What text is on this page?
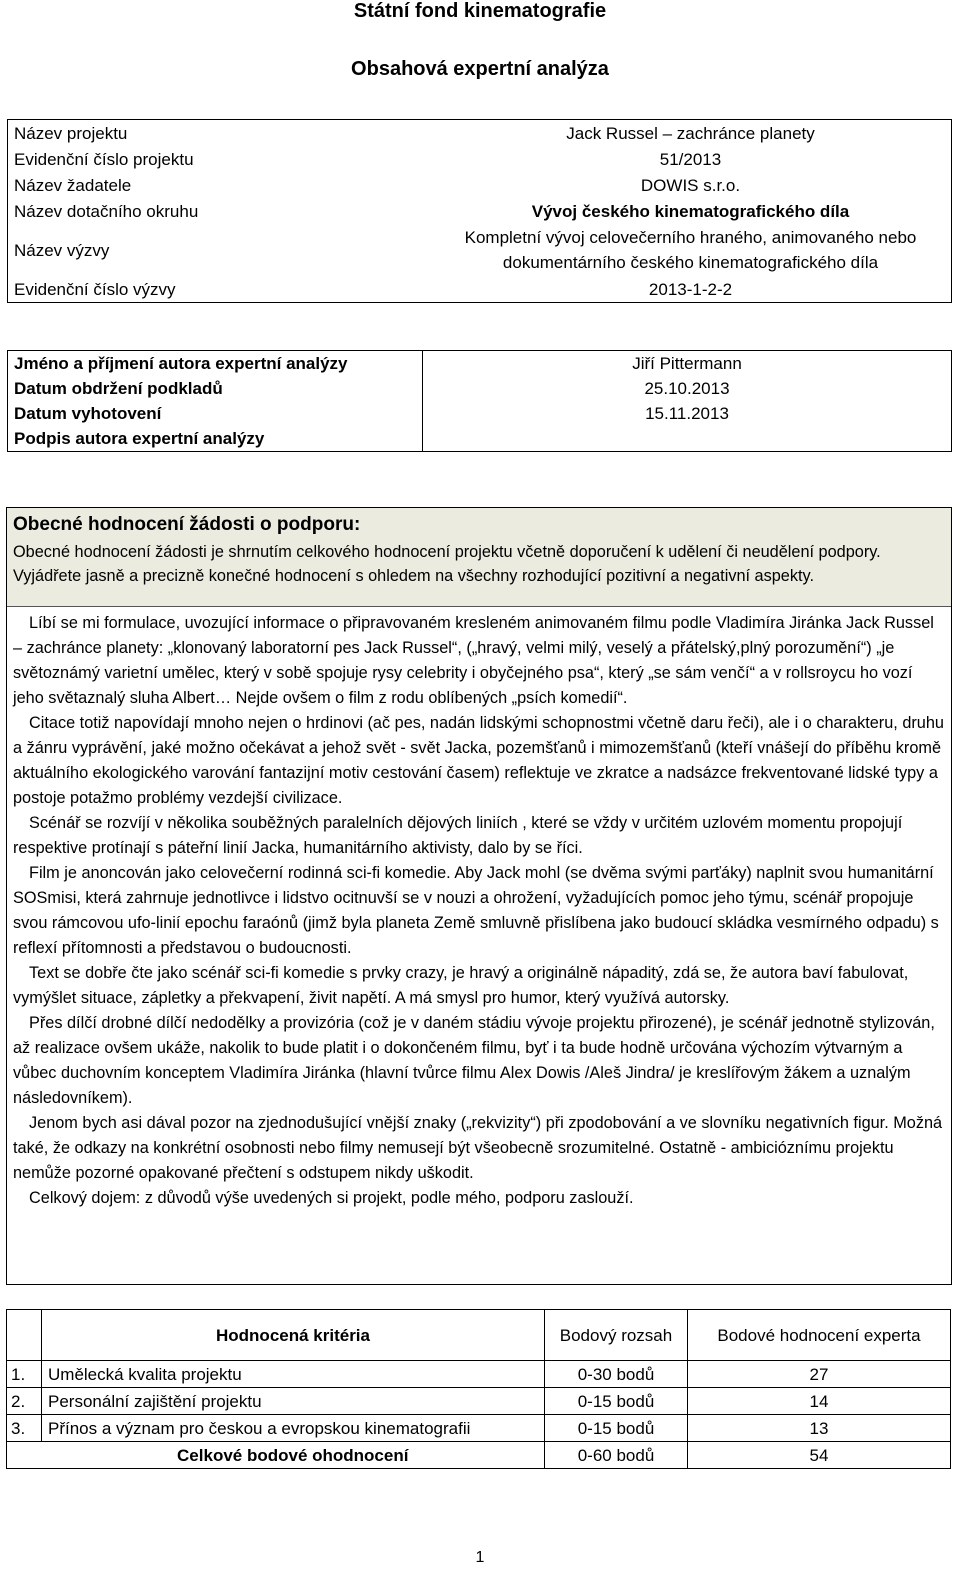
Státní fond kinematografie
Obsahová expertní analýza
Název projektu	Jack Russel – zachránce planety
Evidenční číslo projektu	51/2013
Název žadatele	DOWIS s.r.o.
Název dotačního okruhu	Vývoj českého kinematografického díla
Název výzvy	Kompletní vývoj celovečerního hraného, animovaného nebo dokumentárního českého kinematografického díla
Evidenční číslo výzvy	2013-1-2-2
Jméno a příjmení autora expertní analýzy	Jiří Pittermann
Datum obdržení podkladů	25.10.2013
Datum vyhotovení	15.11.2013
Podpis autora expertní analýzy	
Obecné hodnocení žádosti o podporu:

Obecné hodnocení žádosti je shrnutím celkového hodnocení projektu včetně doporučení k udělení či neudělení podpory. Vyjádřete jasně a precizně konečné hodnocení s ohledem na všechny rozhodující pozitivní a negativní aspekty.

Líbí se mi formulace, uvozující informace o připravovaném kresleném animovaném filmu podle Vladimíra Jiránka Jack Russel – zachránce planety: „klonovaný laboratorní pes Jack Russel“, („hravý, velmi milý, veselý a přátelský,plný porozumění“) „je světoznámý varietní umělec, který v sobě spojuje rysy celebrity i obyčejného psa“, který „se sám venčí“ a v rollsroycu ho vozí jeho světaznalý sluha Albert… Nejde ovšem o film z rodu oblíbených „psích komedií“.

Citace totiž napovídají mnoho nejen o hrdinovi (ač pes, nadán lidskými schopnostmi včetně daru řeči), ale i o charakteru, druhu a žánru vyprávění, jaké možno očekávat a jehož svět - svět Jacka, pozemšťanů i mimozemšťanů (kteří vnášejí do příběhu kromě aktuálního ekologického varování fantazijní motiv cestování časem) reflektuje ve zkratce a nadsázce frekventované lidské typy a postoje potažmo problémy vezdejší civilizace.

Scénář se rozvíjí v několika souběžných paralelních dějových liniích , které se vždy v určitém uzlovém momentu propojují respektive protínají s páteřní linií Jacka, humanitárního aktivisty, dalo by se říci.

Film je anoncován jako celovečerní rodinná sci-fi komedie. Aby Jack mohl (se dvěma svými parťáky) naplnit svou humanitární SOSmisi, která zahrnuje jednotlivce i lidstvo ocitnuvší se v nouzi a ohrožení, vyžadujících pomoc jeho týmu, scénář propojuje svou rámcovou ufo-linií epochu faraónů (jimž byla planeta Země smluvně přislíbena jako budoucí skládka vesmírného odpadu) s reflexí přítomnosti a představou o budoucnosti.

Text se dobře čte jako scénář sci-fi komedie s prvky crazy, je hravý a originálně nápaditý, zdá se, že autora baví fabulovat, vymýšlet situace, zápletky a překvapení, živit napětí. A má smysl pro humor, který využívá autorsky.

Přes dílčí drobné dílčí nedodělky a provizória (což je v daném stádiu vývoje projektu přirozené), je scénář jednotně stylizován, až realizace ovšem ukáže, nakolik to bude platit i o dokončeném filmu, byť i ta bude hodně určována výchozím výtvarným a vůbec duchovním konceptem Vladimíra Jiránka (hlavní tvůrce filmu Alex Dowis /Aleš Jindra/ je kreslířovým žákem a uznalým následovníkem).

Jenom bych asi dával pozor na zjednodušující vnější znaky („rekvizity“) při zpodobování a ve slovníku negativních figur. Možná také, že odkazy na konkrétní osobnosti nebo filmy nemusejí být všeobecně srozumitelné. Ostatně - ambicióznímu projektu nemůže pozorné opakované přečtení s odstupem nikdy uškodit.

Celkový dojem: z důvodů výše uvedených si projekt, podle mého, podporu zaslouží.

	Hodnocená kritéria	Bodový rozsah	Bodové hodnocení experta
1.	Umělecká kvalita projektu	0-30 bodů	27
2.	Personální zajištění projektu	0-15 bodů	14
3.	Přínos a význam pro českou a evropskou kinematografii	0-15 bodů	13
	Celkové bodové ohodnocení	0-60 bodů	54
1
